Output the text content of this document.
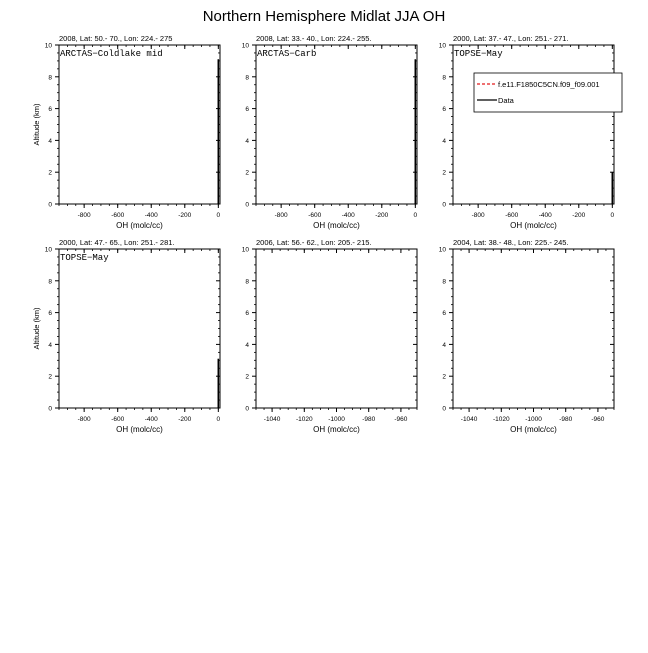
Northern Hemisphere Midlat JJA OH
0
2
4
6
8
10
-800	-600	-400	-200	0
OH (molc/cc)
Altitude (km)
2008, Lat: 50.- 70., Lon: 224.- 275
ARCTAS−Coldlake mid
0
2
4
6
8
10
-800	-600	-400	-200	0
OH (molc/cc)
2008, Lat: 33.- 40., Lon: 224.- 255.
ARCTAS−Carb
0
2
4
6
8
10
-800	-600	-400	-200	0
OH (molc/cc)
2000, Lat: 37.- 47., Lon: 251.- 271.
TOPSE−May
0
2
4
6
8
10
-800	-600	-400	-200	0
OH (molc/cc)
Altitude (km)
2000, Lat: 47.- 65., Lon: 251.- 281.
TOPSE−May
0
2
4
6
8
10
-1040 -1020 -1000	-980	-960
OH (molc/cc)
2006, Lat: 56.- 62., Lon: 205.- 215.
0
2
4
6
8
10
-1040 -1020 -1000	-980	-960
OH (molc/cc)
2004, Lat: 38.- 48., Lon: 225.- 245.
f.e11.F1850C5CN.f09_f09.001
Data
